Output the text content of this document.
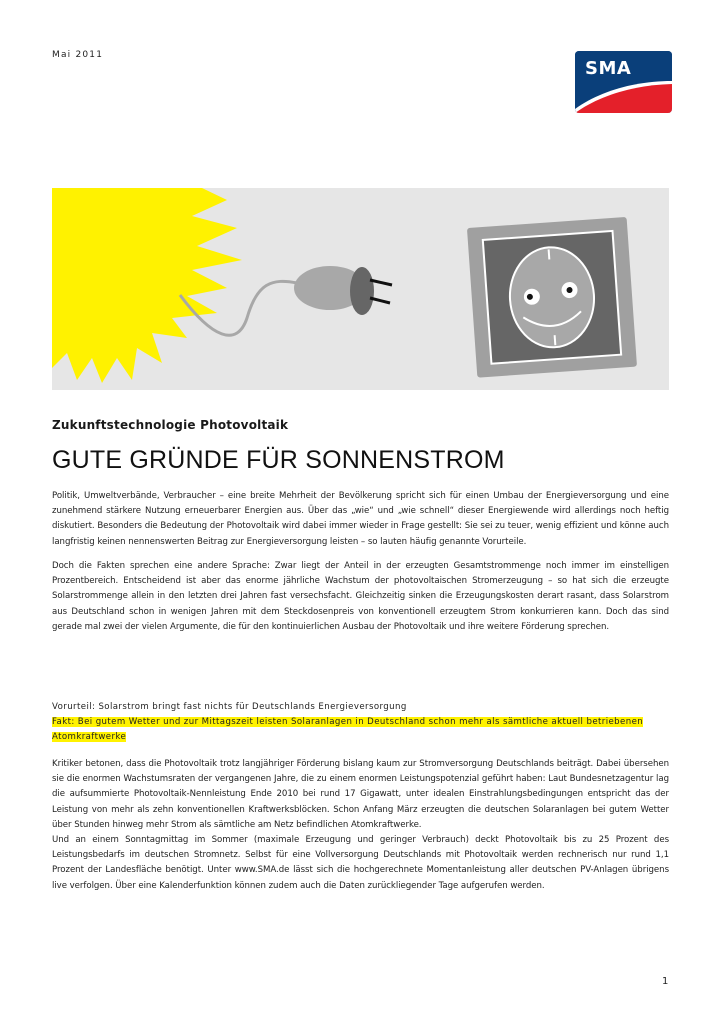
Mai 2011
SMA
Zukunftstechnologie Photovoltaik
GUTE GRÜNDE FÜR SONNENSTROM

Politik, Umweltverbände, Verbraucher – eine breite Mehrheit der Bevölkerung spricht sich für einen Umbau der Energieversorgung und eine zunehmend stärkere Nutzung erneuerbarer Energien aus. Über das „wie“ und „wie schnell“ dieser Energiewende wird allerdings noch heftig diskutiert. Besonders die Bedeutung der Photovoltaik wird dabei immer wieder in Frage gestellt: Sie sei zu teuer, wenig effizient und könne auch langfristig keinen nennenswerten Beitrag zur Energieversorgung leisten – so lauten häufig genannte Vorurteile.

Doch die Fakten sprechen eine andere Sprache: Zwar liegt der Anteil in der erzeugten Gesamtstrommenge noch immer im einstelligen Prozentbereich. Entscheidend ist aber das enorme jährliche Wachstum der photovoltaischen Stromerzeugung – so hat sich die erzeugte Solarstrommenge allein in den letzten drei Jahren fast versechsfacht. Gleichzeitig sinken die Erzeugungskosten derart rasant, dass Solarstrom aus Deutschland schon in wenigen Jahren mit dem Steckdosenpreis von konventionell erzeugtem Strom konkurrieren kann. Doch das sind gerade mal zwei der vielen Argumente, die für den kontinuierlichen Ausbau der Photovoltaik und ihre weitere Förderung sprechen.

Vorurteil: Solarstrom bringt fast nichts für Deutschlands Energieversorgung
Fakt: Bei gutem Wetter und zur Mittagszeit leisten Solaranlagen in Deutschland schon mehr als sämtliche aktuell betriebenen Atomkraftwerke

Kritiker betonen, dass die Photovoltaik trotz langjähriger Förderung bislang kaum zur Stromversorgung Deutschlands beiträgt. Dabei übersehen sie die enormen Wachstumsraten der vergangenen Jahre, die zu einem enormen Leistungspotenzial geführt haben: Laut Bundesnetzagentur lag die aufsummierte Photovoltaik-Nennleistung Ende 2010 bei rund 17 Gigawatt, unter idealen Einstrahlungsbedingungen entspricht das der Leistung von mehr als zehn konventionellen Kraftwerksblöcken. Schon Anfang März erzeugten die deutschen Solaranlagen bei gutem Wetter über Stunden hinweg mehr Strom als sämtliche am Netz befindlichen Atomkraftwerke.

Und an einem Sonntagmittag im Sommer (maximale Erzeugung und geringer Verbrauch) deckt Photovoltaik bis zu 25 Prozent des Leistungsbedarfs im deutschen Stromnetz. Selbst für eine Vollversorgung Deutschlands mit Photovoltaik werden rechnerisch nur rund 1,1 Prozent der Landesfläche benötigt. Unter www.SMA.de lässt sich die hochgerechnete Momentanleistung aller deutschen PV-Anlagen übrigens live verfolgen. Über eine Kalenderfunktion können zudem auch die Daten zurückliegender Tage aufgerufen werden.

1
